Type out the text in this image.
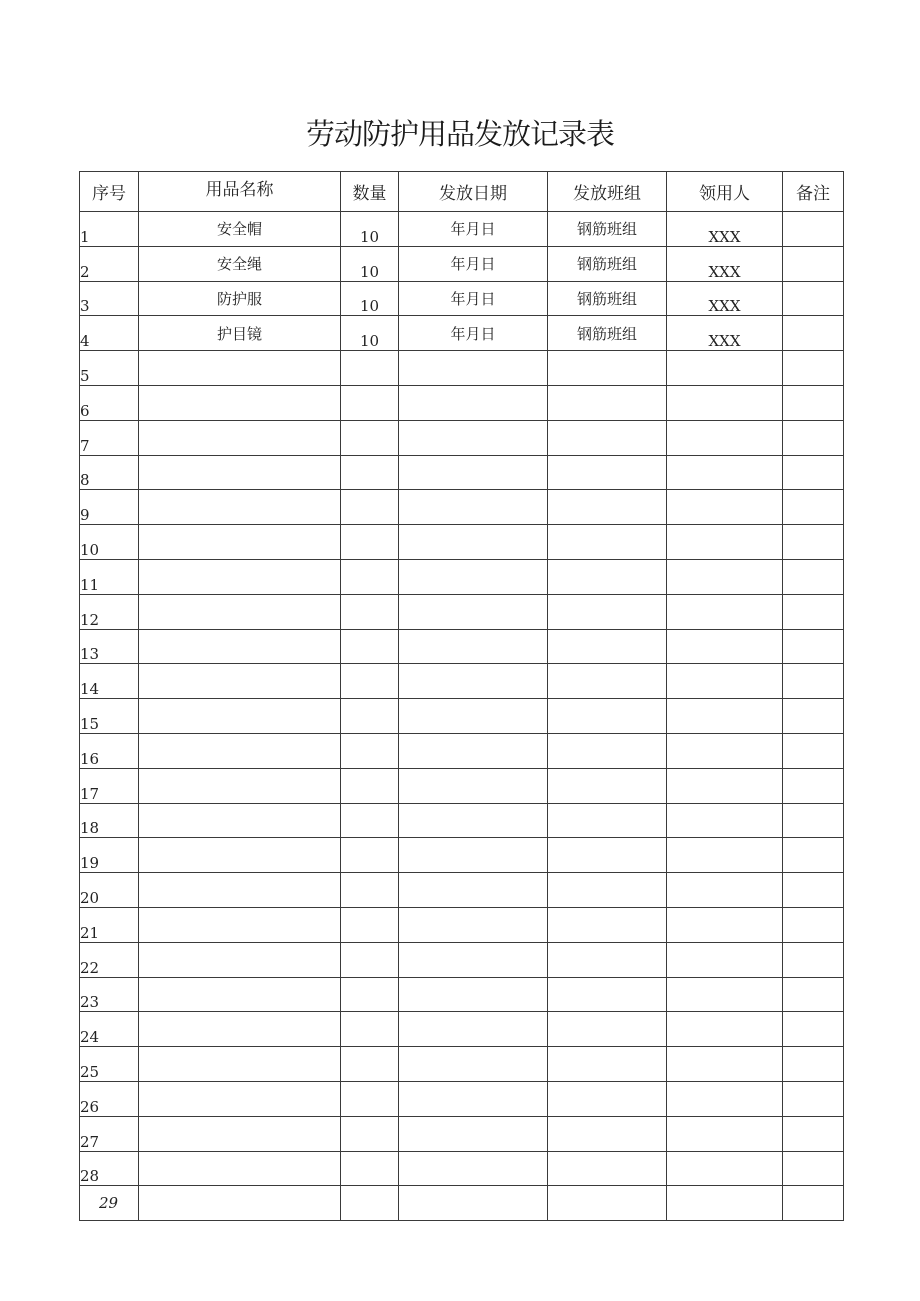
劳动防护用品发放记录表
序号	用品名称	数量	发放日期	发放班组	领用人	备注
1	安全帽	10	年月日	钢筋班组	XXX	
2	安全绳	10	年月日	钢筋班组	XXX	
3	防护服	10	年月日	钢筋班组	XXX	
4	护目镜	10	年月日	钢筋班组	XXX	
5						
6						
7						
8						
9						
10						
11						
12						
13						
14						
15						
16						
17						
18						
19						
20						
21						
22						
23						
24						
25						
26						
27						
28						
29						
